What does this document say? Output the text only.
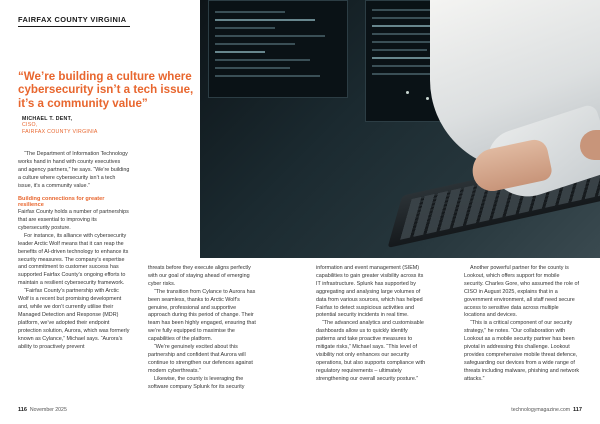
FAIRFAX COUNTY VIRGINIA
“We’re building a culture where cybersecurity isn’t a tech issue, it’s a community value”
MICHAEL T. DENT,
CISO,
FAIRFAX COUNTY VIRGINIA

“The Department of Information Technology works hand in hand with county executives and agency partners,” he says. “We’re building a culture where cybersecurity isn’t a tech issue, it’s a community value.”

Building connections for greater resilience

Fairfax County holds a number of partnerships that are essential to improving its cybersecurity posture.

For instance, its alliance with cybersecurity leader Arctic Wolf means that it can reap the benefits of AI-driven technology to enhance its security measures. The company’s expertise and commitment to customer success has supported Fairfax County’s ongoing efforts to maintain a resilient cybersecurity framework.

“Fairfax County’s partnership with Arctic Wolf is a recent but promising development and, while we don’t currently utilise their Managed Detection and Response (MDR) platform, we’ve adopted their endpoint protection solution, Aurora, which was formerly known as Cylance,” Michael says. “Aurora’s ability to proactively prevent

threats before they execute aligns perfectly with our goal of staying ahead of emerging cyber risks.

“The transition from Cylance to Aurora has been seamless, thanks to Arctic Wolf’s genuine, professional and supportive approach during this period of change. Their team has been highly engaged, ensuring that we’re fully equipped to maximise the capabilities of the platform.

“We’re genuinely excited about this partnership and confident that Aurora will continue to strengthen our defences against modern cyberthreats.”

Likewise, the county is leveraging the software company Splunk for its security

information and event management (SIEM) capabilities to gain greater visibility across its IT infrastructure. Splunk has supported by aggregating and analysing large volumes of data from various sources, which has helped Fairfax to detect suspicious activities and potential security incidents in real time.

“The advanced analytics and customisable dashboards allow us to quickly identify patterns and take proactive measures to mitigate risks,” Michael says. “This level of visibility not only enhances our security operations, but also supports compliance with regulatory requirements – ultimately strengthening our overall security posture.”

Another powerful partner for the county is Lookout, which offers support for mobile security. Charles Gore, who assumed the role of CISO in August 2025, explains that in a government environment, all staff need secure access to sensitive data across multiple locations and devices.

“This is a critical component of our security strategy,” he notes. “Our collaboration with Lookout as a mobile security partner has been pivotal in addressing this challenge. Lookout provides comprehensive mobile threat defence, safeguarding our devices from a wide range of threats including malware, phishing and network attacks.”

116 November 2025	technologymagazine.com 117
